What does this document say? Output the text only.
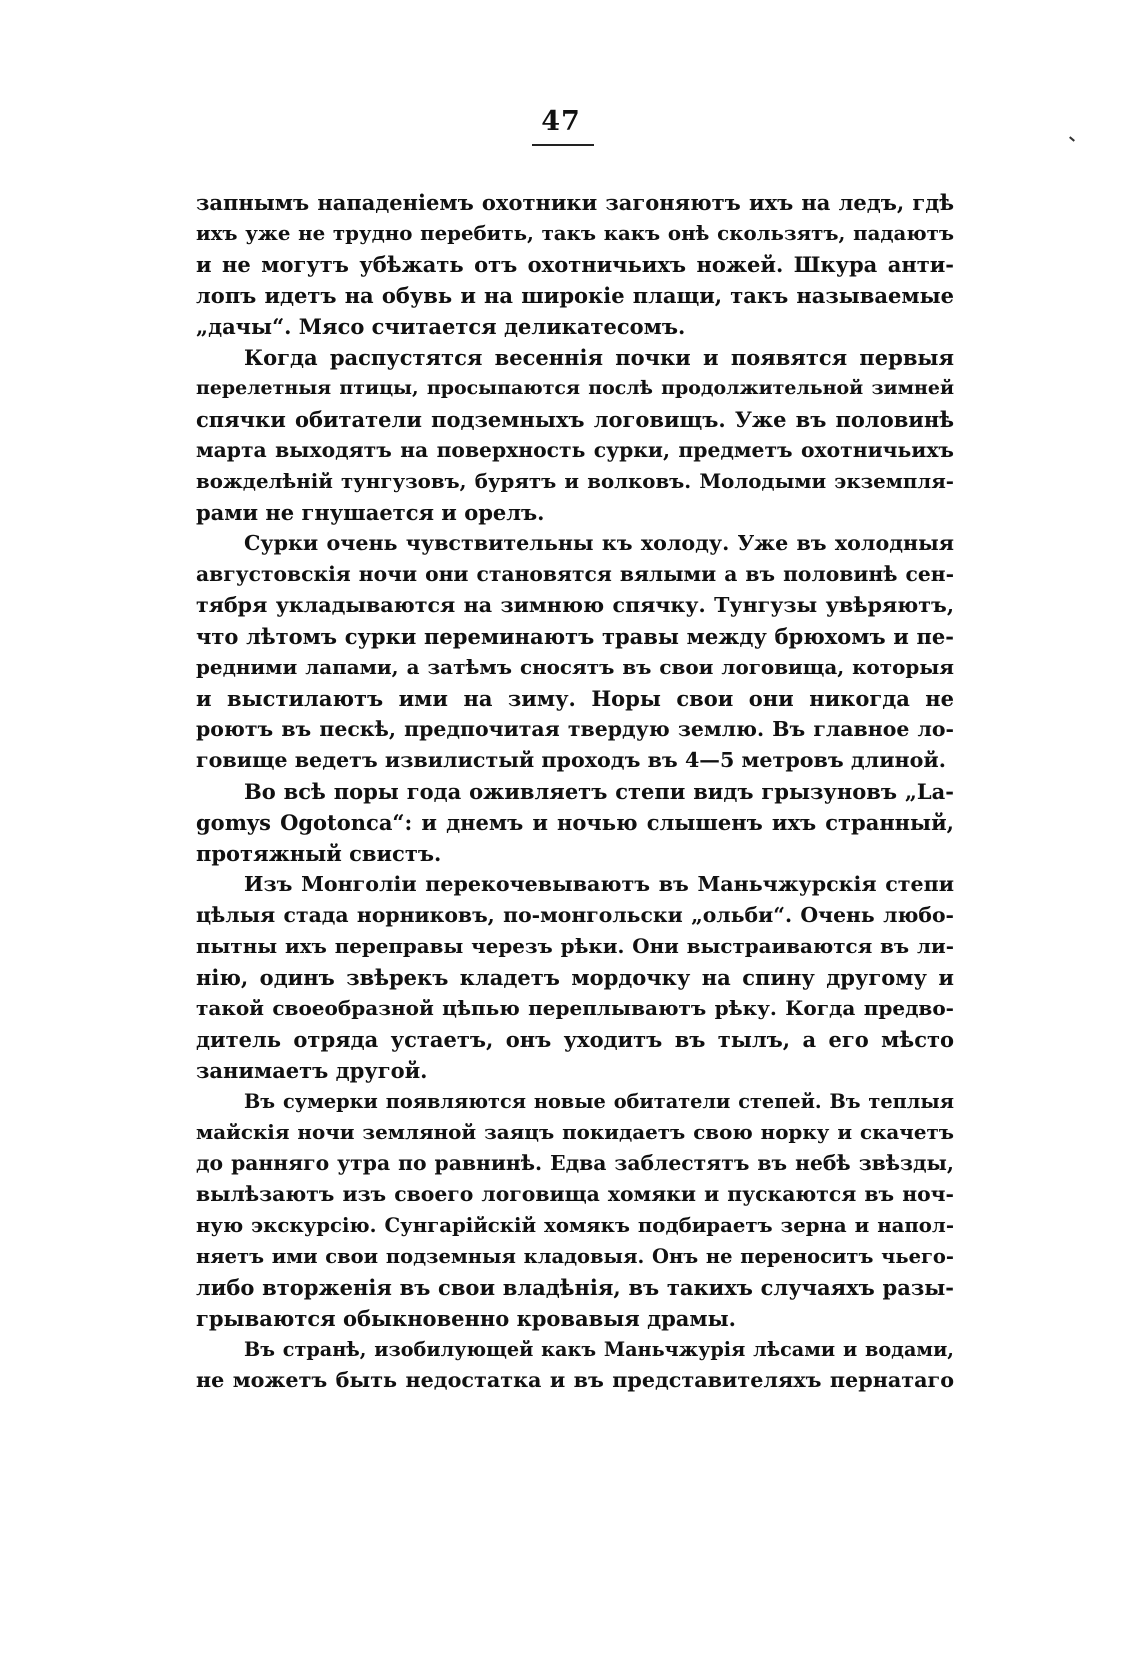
47

запнымъ нападеніемъ охотники загоняютъ ихъ на ледъ, гдѣ
ихъ уже не трудно перебить, такъ какъ онѣ скользятъ, падаютъ
и не могутъ убѣжать отъ охотничьихъ ножей. Шкура анти-
лопъ идетъ на обувь и на широкіе плащи, такъ называемые
„дачы“. Мясо считается деликатесомъ.

Когда распустятся весеннія почки и появятся первыя
перелетныя птицы, просыпаются послѣ продолжительной зимней
спячки обитатели подземныхъ логовищъ. Уже въ половинѣ
марта выходятъ на поверхность сурки, предметъ охотничьихъ
вожделѣній тунгузовъ, бурятъ и волковъ. Молодыми экземпля-
рами не гнушается и орелъ.

Сурки очень чувствительны къ холоду. Уже въ холодныя
августовскія ночи они становятся вялыми а въ половинѣ сен-
тября укладываются на зимнюю спячку. Тунгузы увѣряютъ,
что лѣтомъ сурки переминаютъ травы между брюхомъ и пе-
редними лапами, а затѣмъ сносятъ въ свои логовища, которыя
и выстилаютъ ими на зиму. Норы свои они никогда не
роютъ въ пескѣ, предпочитая твердую землю. Въ главное ло-
говище ведетъ извилистый проходъ въ 4—5 метровъ длиной.

Во всѣ поры года оживляетъ степи видъ грызуновъ „La-
gomys Ogotonca“: и днемъ и ночью слышенъ ихъ странный,
протяжный свистъ.

Изъ Монголіи перекочевываютъ въ Маньчжурскія степи
цѣлыя стада норниковъ, по-монгольски „ольби“. Очень любо-
пытны ихъ переправы черезъ рѣки. Они выстраиваются въ ли-
нію, одинъ звѣрекъ кладетъ мордочку на спину другому и
такой своеобразной цѣпью переплываютъ рѣку. Когда предво-
дитель отряда устаетъ, онъ уходитъ въ тылъ, а его мѣсто
занимаетъ другой.

Въ сумерки появляются новые обитатели степей. Въ теплыя
майскія ночи земляной заяцъ покидаетъ свою норку и скачетъ
до ранняго утра по равнинѣ. Едва заблестятъ въ небѣ звѣзды,
вылѣзаютъ изъ своего логовища хомяки и пускаются въ ноч-
ную экскурсію. Сунгарійскій хомякъ подбираетъ зерна и напол-
няетъ ими свои подземныя кладовыя. Онъ не переноситъ чьего-
либо вторженія въ свои владѣнія, въ такихъ случаяхъ разы-
грываются обыкновенно кровавыя драмы.

Въ странѣ, изобилующей какъ Маньчжурія лѣсами и водами,
не можетъ быть недостатка и въ представителяхъ пернатаго
